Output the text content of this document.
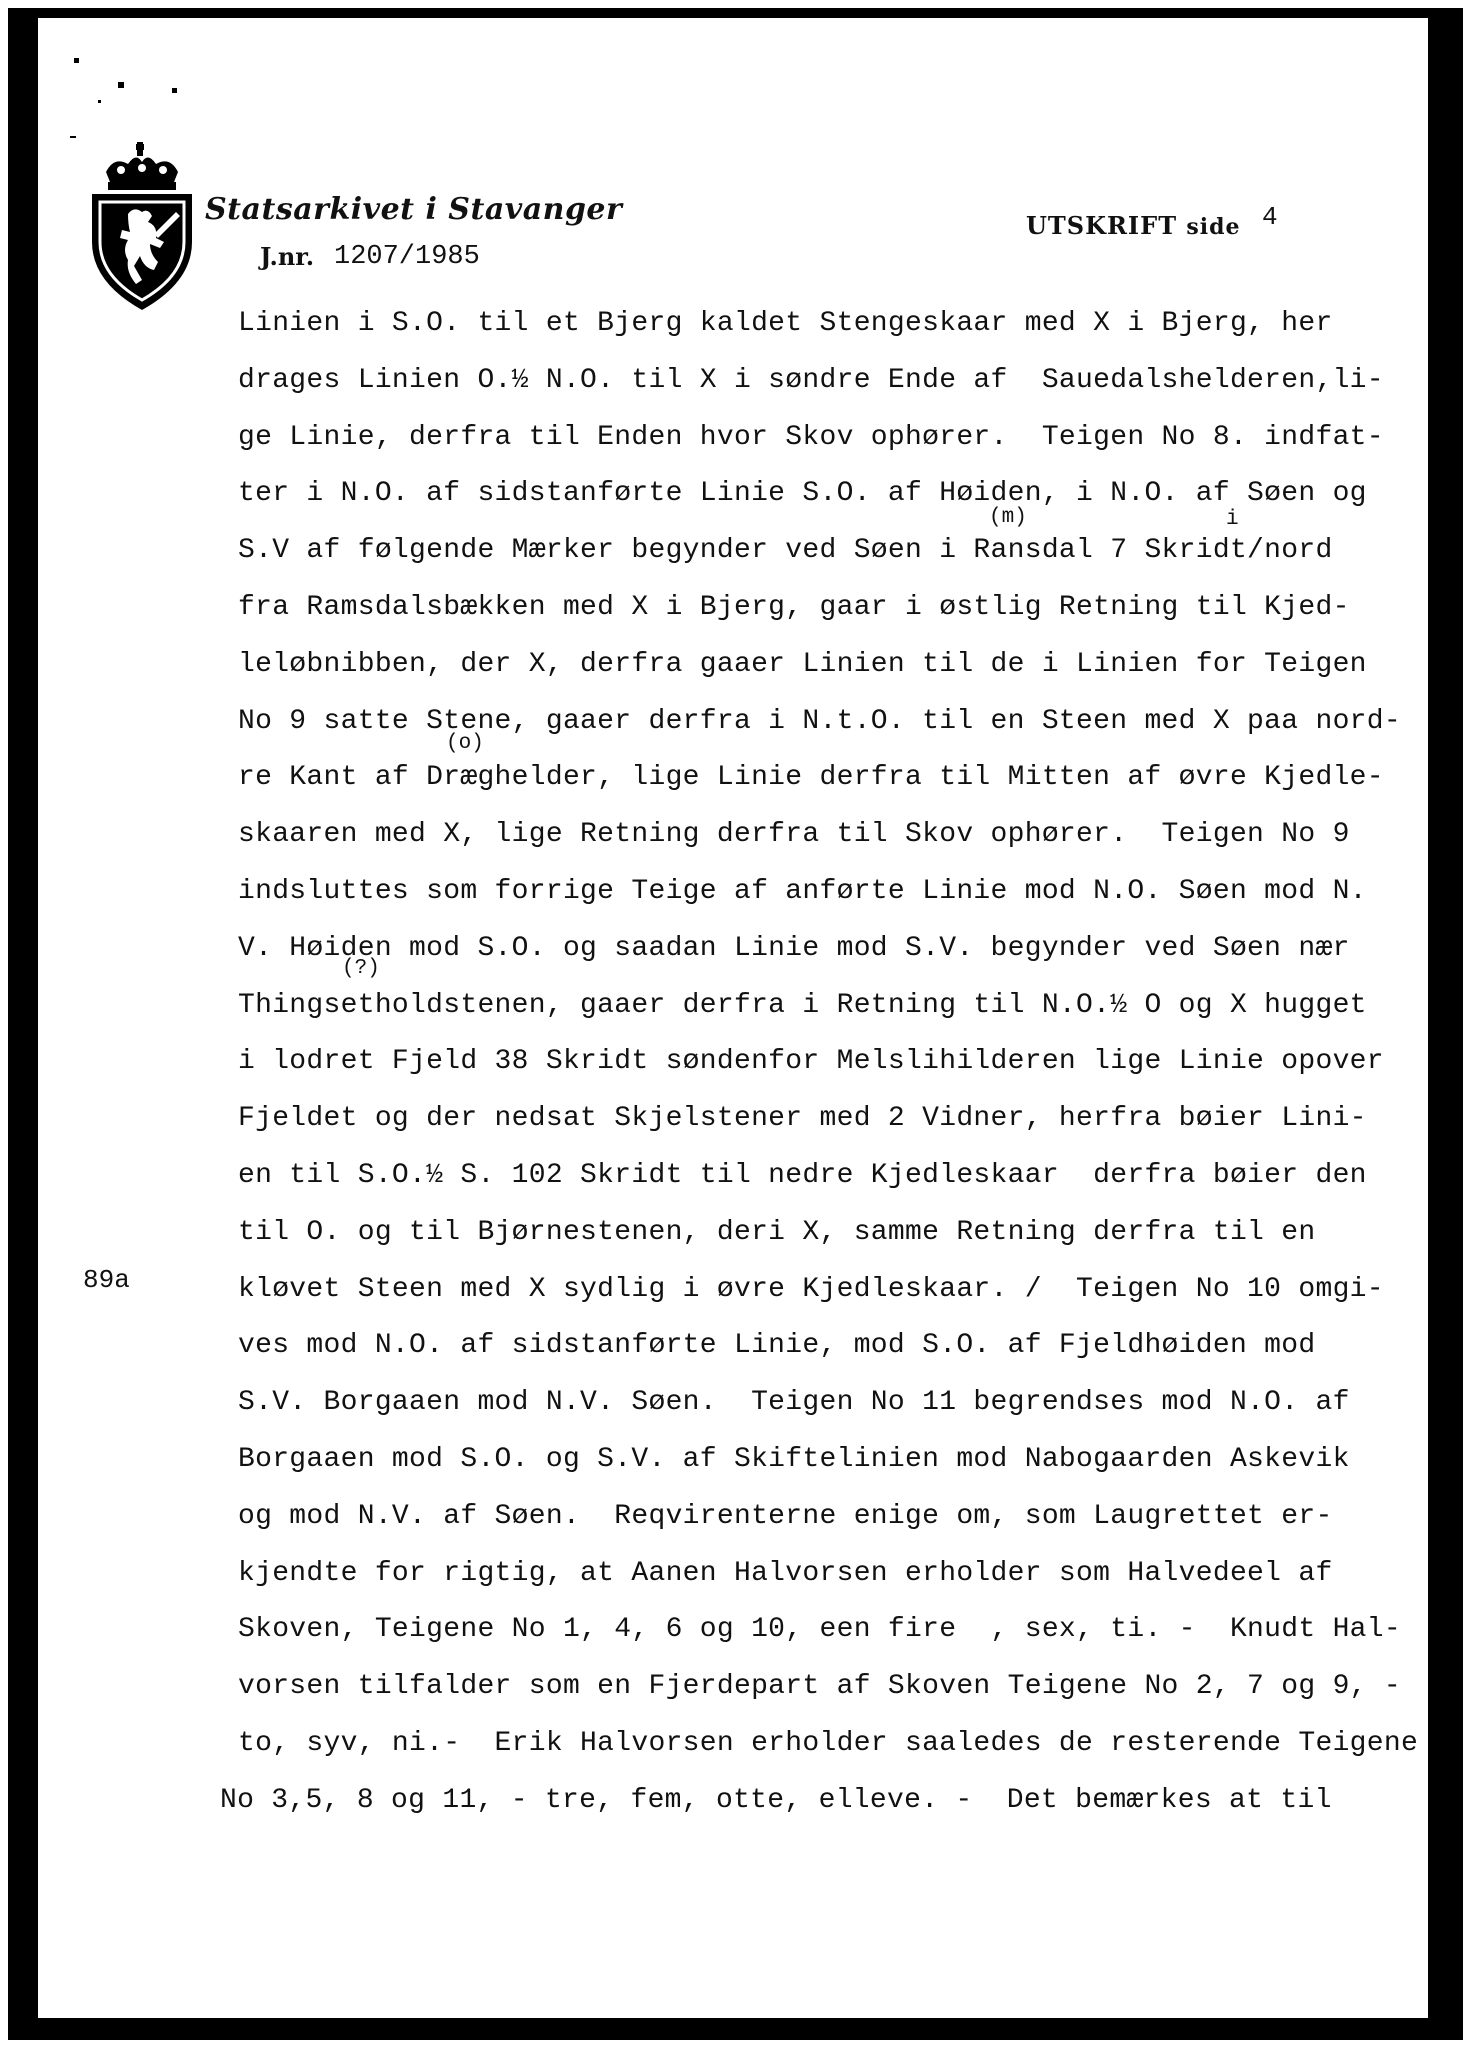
Statsarkivet i Stavanger
J.nr. 1207/1985
UTSKRIFT side 4
89a
(m)	i
(o)
(?)
Linien i S.O. til et Bjerg kaldet Stengeskaar med X i Bjerg, her
drages Linien O.½ N.O. til X i søndre Ende af  Sauedalshelderen,li-
ge Linie, derfra til Enden hvor Skov ophører.  Teigen No 8. indfat-
ter i N.O. af sidstanførte Linie S.O. af Høiden, i N.O. af Søen og
S.V af følgende Mærker begynder ved Søen i Ransdal 7 Skridt/nord
fra Ramsdalsbækken med X i Bjerg, gaar i østlig Retning til Kjed-
leløbnibben, der X, derfra gaaer Linien til de i Linien for Teigen
No 9 satte Stene, gaaer derfra i N.t.O. til en Steen med X paa nord-
re Kant af Dræghelder, lige Linie derfra til Mitten af øvre Kjedle-
skaaren med X, lige Retning derfra til Skov ophører.  Teigen No 9
indsluttes som forrige Teige af anførte Linie mod N.O. Søen mod N.
V. Høiden mod S.O. og saadan Linie mod S.V. begynder ved Søen nær
Thingsetholdstenen, gaaer derfra i Retning til N.O.½ O og X hugget
i lodret Fjeld 38 Skridt søndenfor Melslihilderen lige Linie opover
Fjeldet og der nedsat Skjelstener med 2 Vidner, herfra bøier Lini-
en til S.O.½ S. 102 Skridt til nedre Kjedleskaar  derfra bøier den
til O. og til Bjørnestenen, deri X, samme Retning derfra til en
kløvet Steen med X sydlig i øvre Kjedleskaar. /  Teigen No 10 omgi-
ves mod N.O. af sidstanførte Linie, mod S.O. af Fjeldhøiden mod
S.V. Borgaaen mod N.V. Søen.  Teigen No 11 begrendses mod N.O. af
Borgaaen mod S.O. og S.V. af Skiftelinien mod Nabogaarden Askevik
og mod N.V. af Søen.  Reqvirenterne enige om, som Laugrettet er-
kjendte for rigtig, at Aanen Halvorsen erholder som Halvedeel af
Skoven, Teigene No 1, 4, 6 og 10, een fire  , sex, ti. -  Knudt Hal-
vorsen tilfalder som en Fjerdepart af Skoven Teigene No 2, 7 og 9, -
to, syv, ni.-  Erik Halvorsen erholder saaledes de resterende Teigene
No 3,5, 8 og 11, - tre, fem, otte, elleve. -  Det bemærkes at til
